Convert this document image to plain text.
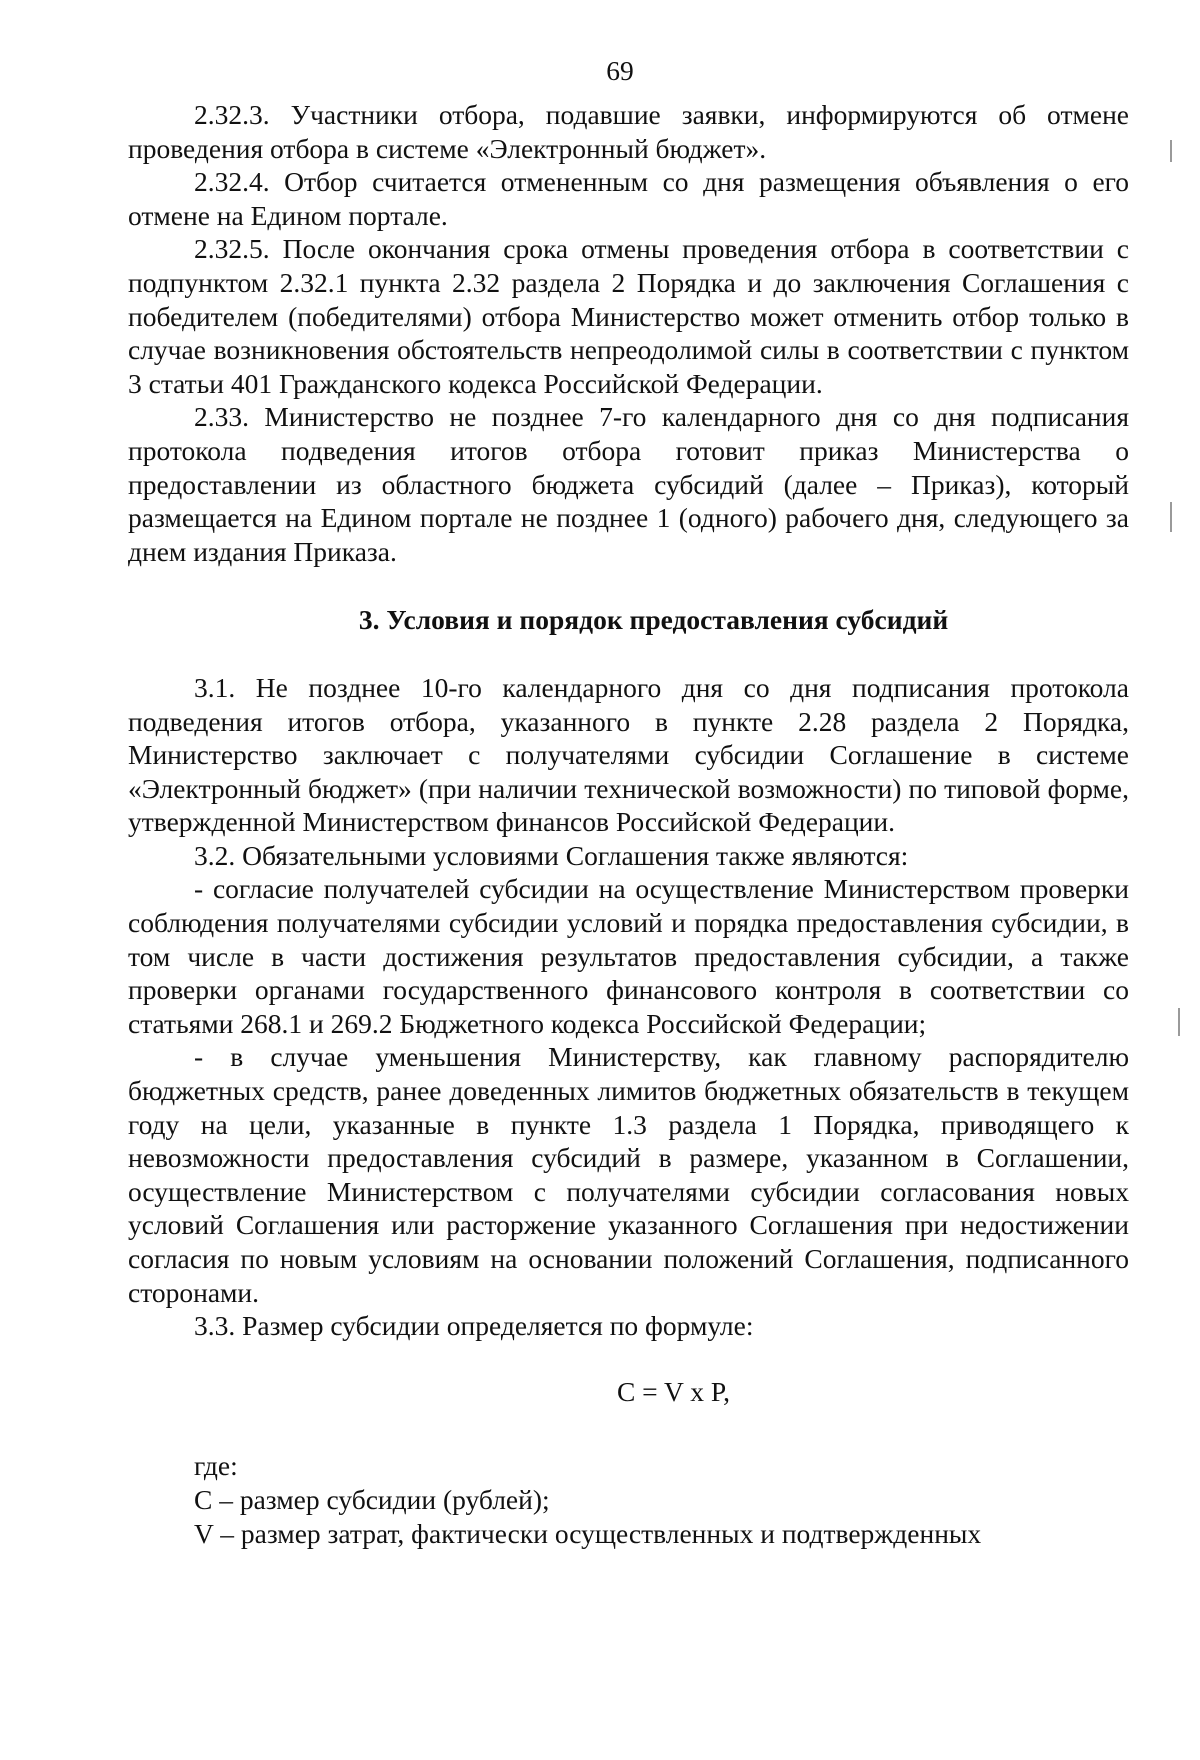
69

2.32.3. Участники отбора, подавшие заявки, информируются об отмене проведения отбора в системе «Электронный бюджет».

2.32.4. Отбор считается отмененным со дня размещения объявления о его отмене на Едином портале.

2.32.5. После окончания срока отмены проведения отбора в соответствии с подпунктом 2.32.1 пункта 2.32 раздела 2 Порядка и до заключения Соглашения с победителем (победителями) отбора Министерство может отменить отбор только в случае возникновения обстоятельств непреодолимой силы в соответствии с пунктом 3 статьи 401 Гражданского кодекса Российской Федерации.

2.33. Министерство не позднее 7-го календарного дня со дня подписания протокола подведения итогов отбора готовит приказ Министерства о предоставлении из областного бюджета субсидий (далее – Приказ), который размещается на Едином портале не позднее 1 (одного) рабочего дня, следующего за днем издания Приказа.

3. Условия и порядок предоставления субсидий

3.1. Не позднее 10-го календарного дня со дня подписания протокола подведения итогов отбора, указанного в пункте 2.28 раздела 2 Порядка, Министерство заключает с получателями субсидии Соглашение в системе «Электронный бюджет» (при наличии технической возможности) по типовой форме, утвержденной Министерством финансов Российской Федерации.

3.2. Обязательными условиями Соглашения также являются:

- согласие получателей субсидии на осуществление Министерством проверки соблюдения получателями субсидии условий и порядка предоставления субсидии, в том числе в части достижения результатов предоставления субсидии, а также проверки органами государственного финансового контроля в соответствии со статьями 268.1 и 269.2 Бюджетного кодекса Российской Федерации;

- в случае уменьшения Министерству, как главному распорядителю бюджетных средств, ранее доведенных лимитов бюджетных обязательств в текущем году на цели, указанные в пункте 1.3 раздела 1 Порядка, приводящего к невозможности предоставления субсидий в размере, указанном в Соглашении, осуществление Министерством с получателями субсидии согласования новых условий Соглашения или расторжение указанного Соглашения при недостижении согласия по новым условиям на основании положений Соглашения, подписанного сторонами.

3.3. Размер субсидии определяется по формуле:

C = V x P,

где:

С – размер субсидии (рублей);

V – размер затрат, фактически осуществленных и подтвержденных
